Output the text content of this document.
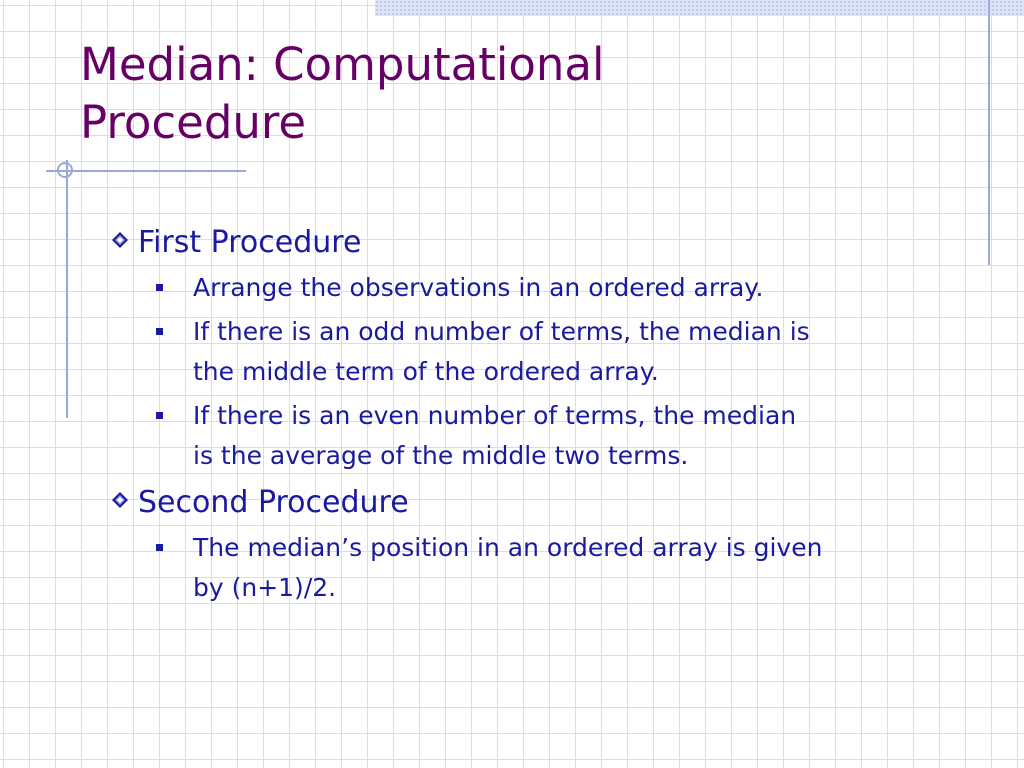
Median: Computational
Procedure
First Procedure
Arrange the observations in an ordered array.
If there is an odd number of terms, the median is
the middle term of the ordered array.
If there is an even number of terms, the median
is the average of the middle two terms.
Second Procedure
The median’s position in an ordered array is given
by (n+1)/2.
